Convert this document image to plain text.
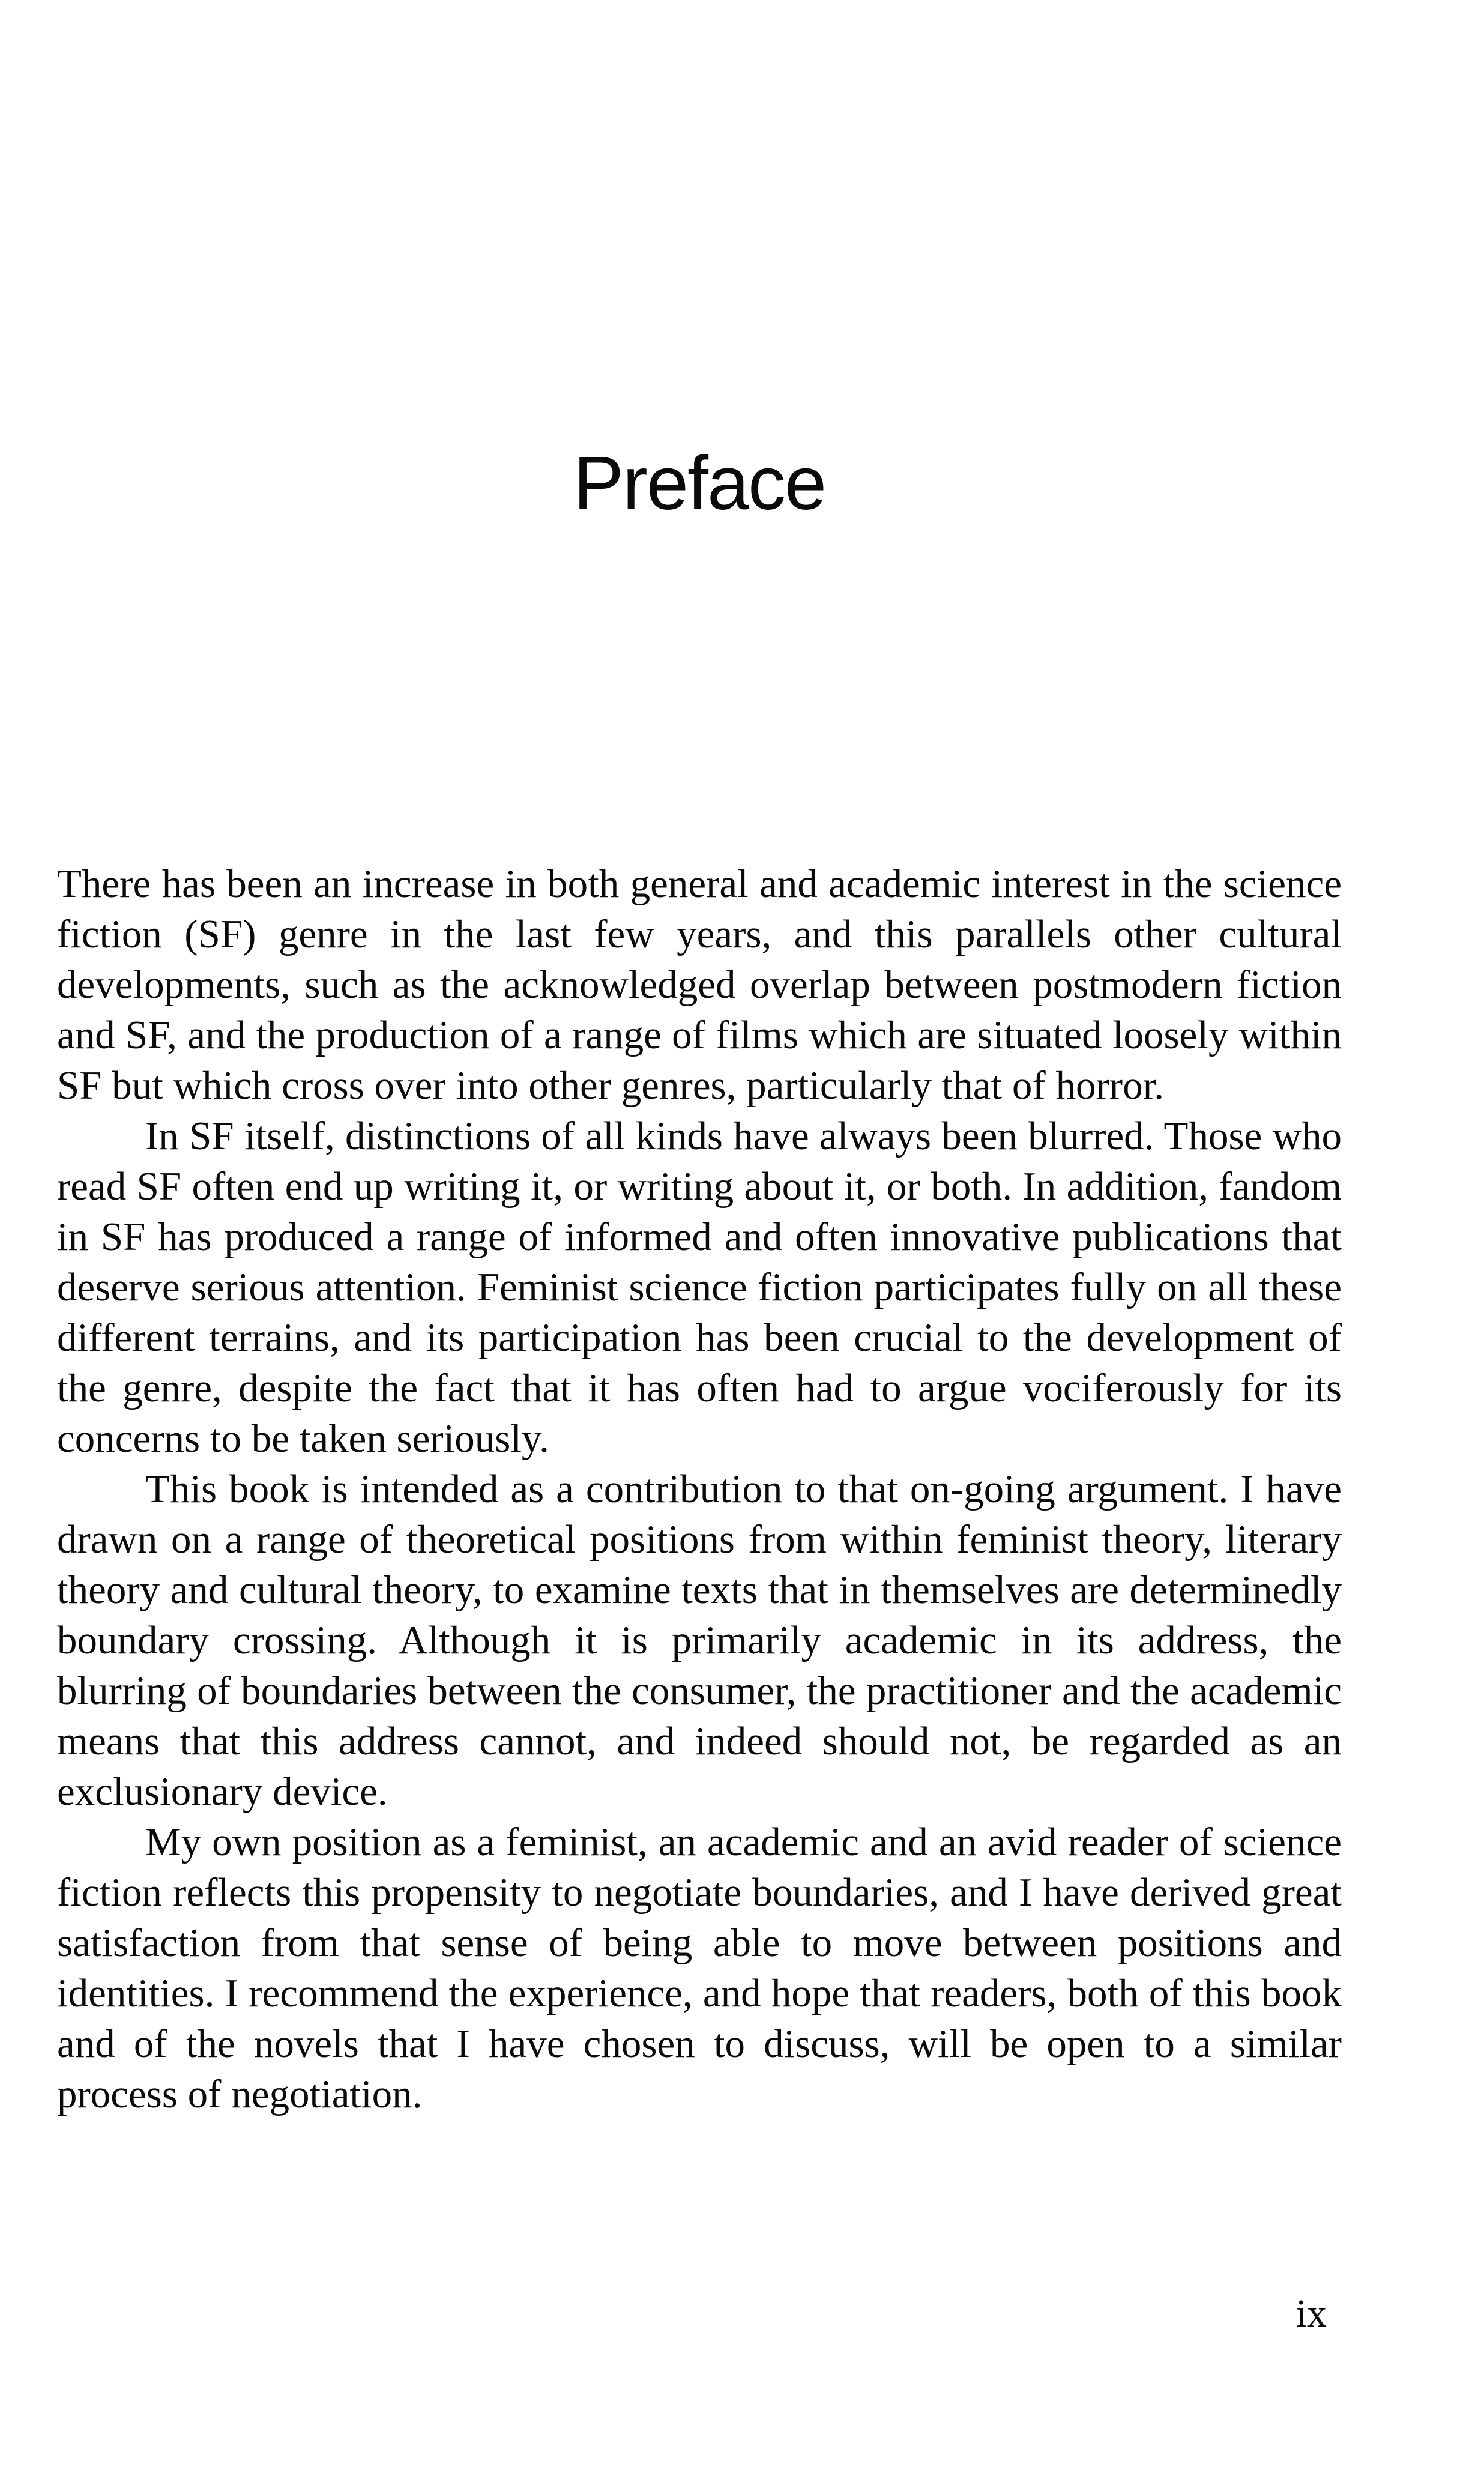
Preface

There has been an increase in both general and academic interest in the science fiction (SF) genre in the last few years, and this parallels other cultural developments, such as the acknowledged overlap between postmodern fiction and SF, and the production of a range of films which are situated loosely within SF but which cross over into other genres, particularly that of horror.

In SF itself, distinctions of all kinds have always been blurred. Those who read SF often end up writing it, or writing about it, or both. In addition, fandom in SF has produced a range of informed and often innovative publications that deserve serious attention. Feminist science fiction participates fully on all these different terrains, and its participation has been crucial to the development of the genre, despite the fact that it has often had to argue vociferously for its concerns to be taken seriously.

This book is intended as a contribution to that on-going argument. I have drawn on a range of theoretical positions from within feminist theory, literary theory and cultural theory, to examine texts that in themselves are determinedly boundary crossing. Although it is primarily academic in its address, the blurring of boundaries between the consumer, the practitioner and the academic means that this address cannot, and indeed should not, be regarded as an exclusionary device.

My own position as a feminist, an academic and an avid reader of science fiction reflects this propensity to negotiate boundaries, and I have derived great satisfaction from that sense of being able to move between positions and identities. I recommend the experience, and hope that readers, both of this book and of the novels that I have chosen to discuss, will be open to a similar process of negotiation.

ix
